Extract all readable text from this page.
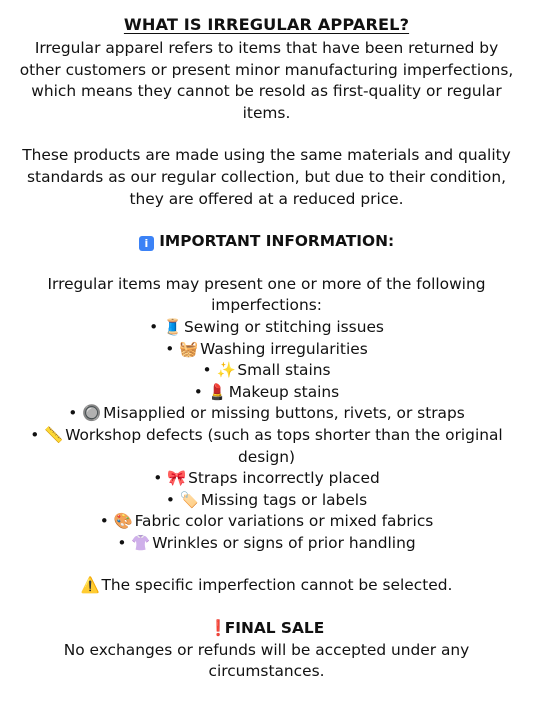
WHAT IS IRREGULAR APPAREL?

Irregular apparel refers to items that have been returned by other customers or present minor manufacturing imperfections, which means they cannot be resold as first-quality or regular items.

These products are made using the same materials and quality standards as our regular collection, but due to their condition, they are offered at a reduced price.

i IMPORTANT INFORMATION:

Irregular items may present one or more of the following imperfections:

• 🧵 Sewing or stitching issues
• 🧺 Washing irregularities
• ✨ Small stains
• 💄 Makeup stains
• 🔘 Misapplied or missing buttons, rivets, or straps
• 📏 Workshop defects (such as tops shorter than the original design)
• 🎀 Straps incorrectly placed
• 🏷️ Missing tags or labels
• 🎨 Fabric color variations or mixed fabrics
• 👚 Wrinkles or signs of prior handling

⚠️ The specific imperfection cannot be selected.

❗FINAL SALE

No exchanges or refunds will be accepted under any circumstances.
